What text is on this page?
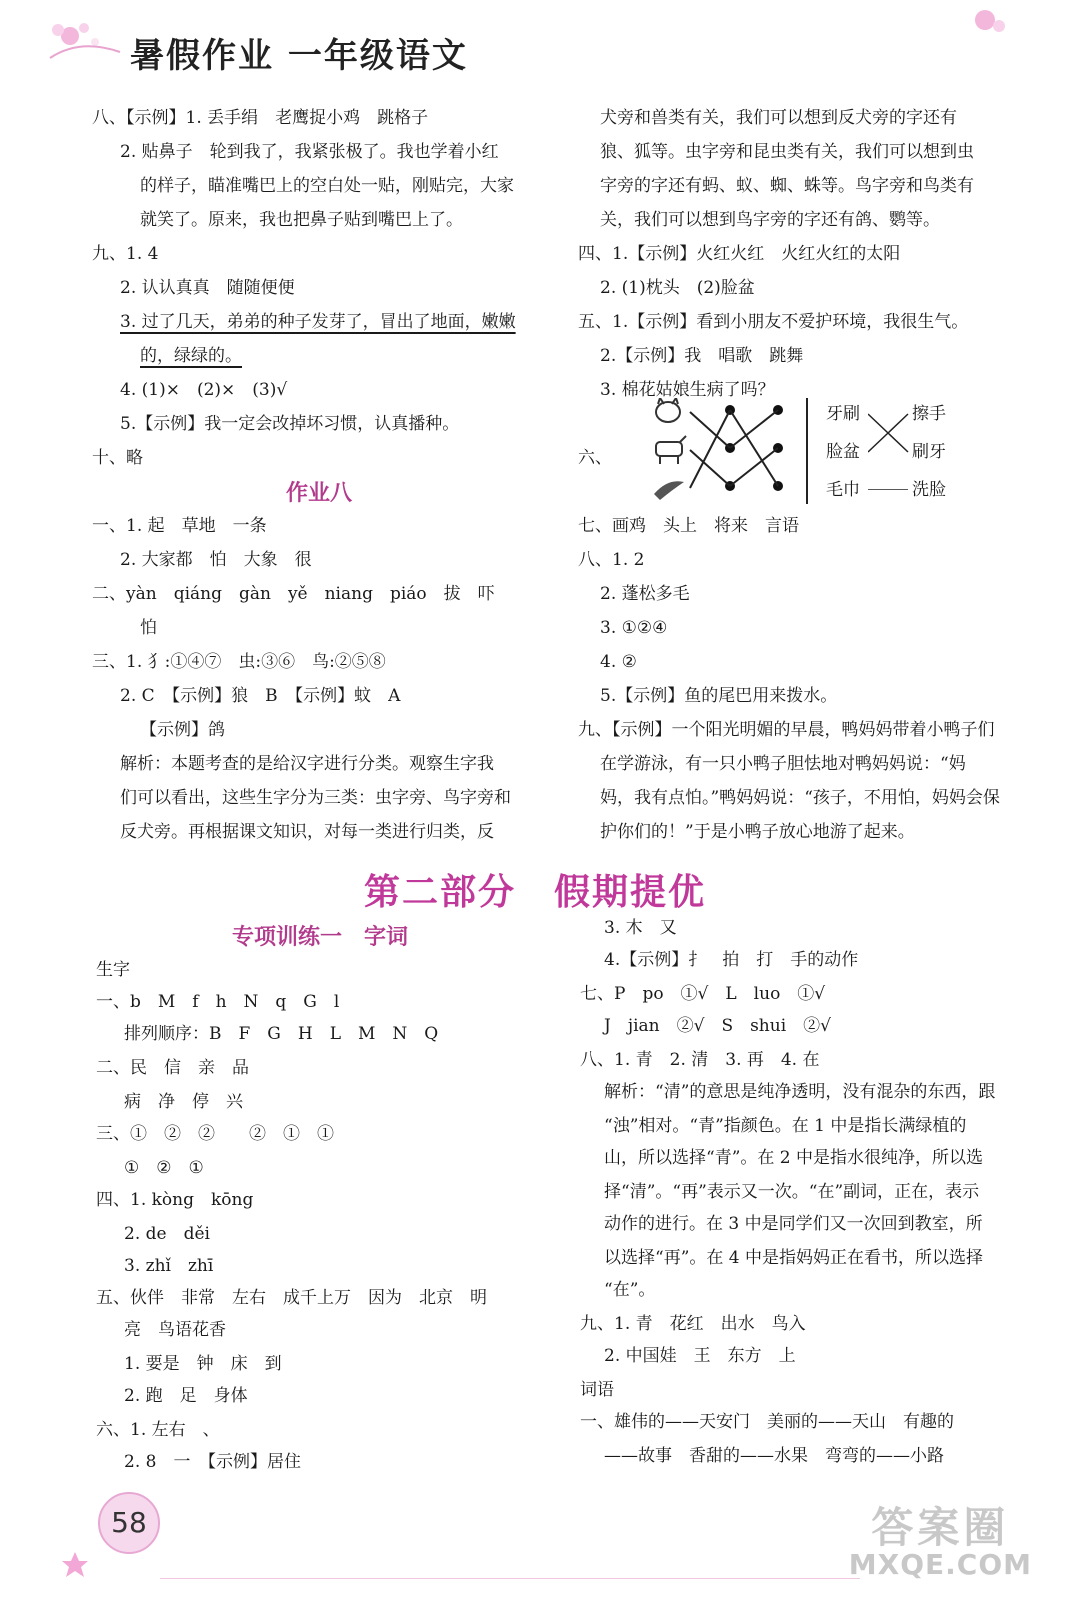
暑假作业 一年级语文
八、【示例】1. 丢手绢　老鹰捉小鸡　跳格子
2. 贴鼻子　轮到我了，我紧张极了。我也学着小红
的样子，瞄准嘴巴上的空白处一贴，刚贴完，大家
就笑了。原来，我也把鼻子贴到嘴巴上了。
九、1. 4
2. 认认真真　随随便便
3. 过了几天，弟弟的种子发芽了，冒出了地面，嫩嫩
的，绿绿的。
4. (1)×　(2)×　(3)√
5.【示例】我一定会改掉坏习惯，认真播种。
十、略
作业八
一、1. 起　草地　一条
2. 大家都　怕　大象　很
二、yàn　qiáng　gàn　yě　niang　piáo　拔　吓
怕
三、1. 犭:①④⑦　虫:③⑥　鸟:②⑤⑧
2. C　【示例】狼　B　【示例】蚊　A
【示例】鸽
解析：本题考查的是给汉字进行分类。观察生字我
们可以看出，这些生字分为三类：虫字旁、鸟字旁和
反犬旁。再根据课文知识，对每一类进行归类，反
犬旁和兽类有关，我们可以想到反犬旁的字还有
狼、狐等。虫字旁和昆虫类有关，我们可以想到虫
字旁的字还有蚂、蚁、蜘、蛛等。鸟字旁和鸟类有
关，我们可以想到鸟字旁的字还有鸽、鹦等。
四、1.【示例】火红火红　火红火红的太阳
2. (1)枕头　(2)脸盆
五、1.【示例】看到小朋友不爱护环境，我很生气。
2.【示例】我　唱歌　跳舞
3. 棉花姑娘生病了吗？
六、
牙刷
脸盆
毛巾
擦手
刷牙
洗脸
七、画鸡　头上　将来　言语
八、1. 2
2. 蓬松多毛
3. ①②④
4. ②
5.【示例】鱼的尾巴用来拨水。
九、【示例】一个阳光明媚的早晨，鸭妈妈带着小鸭子们
在学游泳，有一只小鸭子胆怯地对鸭妈妈说：“妈
妈，我有点怕。”鸭妈妈说：“孩子，不用怕，妈妈会保
护你们的！”于是小鸭子放心地游了起来。
第二部分　假期提优
专项训练一　字词
生字
一、b　M　f　h　N　q　G　l
排列顺序：B　F　G　H　L　M　N　Q
二、民　信　亲　品
病　净　停　兴
三、①　②　②　　②　①　①
①　②　①
四、1. kòng　kōng
2. de　děi
3. zhǐ　zhī
五、伙伴　非常　左右　成千上万　因为　北京　明
亮　鸟语花香
1. 要是　钟　床　到
2. 跑　足　身体
六、1. 左右　、
2. 8　一　【示例】居住
3. 木　又
4.【示例】扌　拍　打　手的动作
七、P　po　①√　L　luo　①√
J　jian　②√　S　shui　②√
八、1. 青　2. 清　3. 再　4. 在
解析：“清”的意思是纯净透明，没有混杂的东西，跟
“浊”相对。“青”指颜色。在 1 中是指长满绿植的
山，所以选择“青”。在 2 中是指水很纯净，所以选
择“清”。“再”表示又一次。“在”副词，正在，表示
动作的进行。在 3 中是同学们又一次回到教室，所
以选择“再”。在 4 中是指妈妈正在看书，所以选择
“在”。
九、1. 青　花红　出水　鸟入
2. 中国娃　王　东方　上
词语
一、雄伟的——天安门　美丽的——天山　有趣的
——故事　香甜的——水果　弯弯的——小路
58	答案圈
MXQE.COM
